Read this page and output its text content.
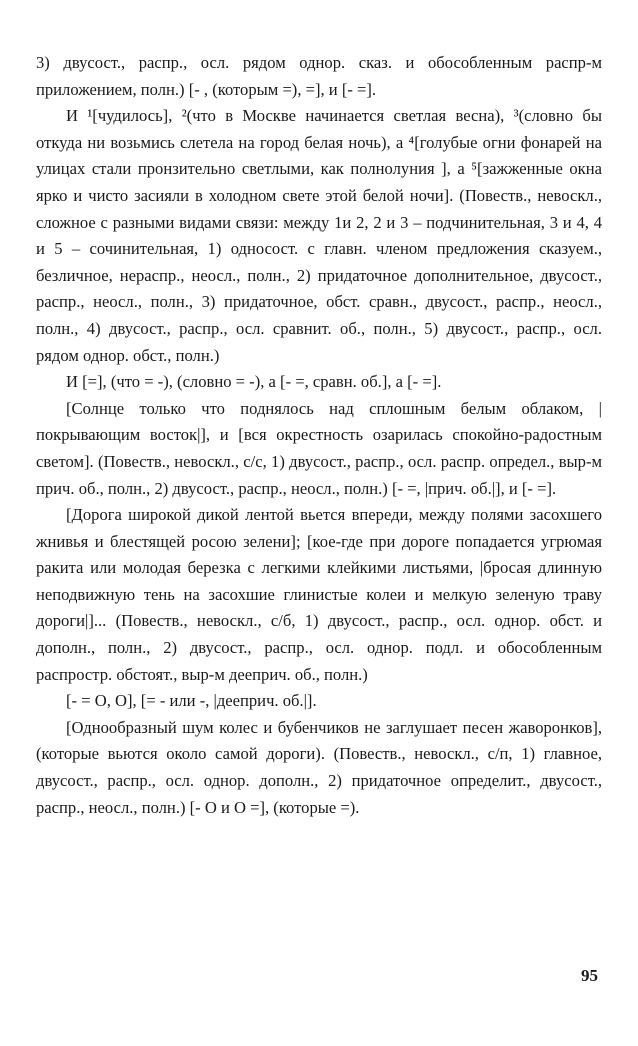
3) двусост., распр., осл. рядом однор. сказ. и обособленным распр-м приложением, полн.) [- , (которым =), =], и [- =].

И ¹[чудилось], ²(что в Москве начинается светлая весна), ³(словно бы откуда ни возьмись слетела на город белая ночь), а ⁴[голубые огни фонарей на улицах стали пронзительно светлыми, как полнолуния ], а ⁵[зажженные окна ярко и чисто засияли в холодном свете этой белой ночи]. (Повеств., невоскл., сложное с разными видами связи: между 1и 2, 2 и 3 – подчинительная, 3 и 4, 4 и 5 – сочинительная, 1) односост. с главн. членом предложения сказуем., безличное, нераспр., неосл., полн., 2) придаточное дополнительное, двусост., распр., неосл., полн., 3) придаточное, обст. сравн., двусост., распр., неосл., полн., 4) двусост., распр., осл. сравнит. об., полн., 5) двусост., распр., осл. рядом однор. обст., полн.)

И [=], (что = -), (словно = -), а [- =, сравн. об.], а [- =].

[Солнце только что поднялось над сплошным белым облаком, |покрывающим восток|], и [вся окрестность озарилась спокойно-радостным светом]. (Повеств., невоскл., с/с, 1) двусост., распр., осл. распр. определ., выр-м прич. об., полн., 2) двусост., распр., неосл., полн.) [- =, |прич. об.|], и [- =].

[Дорога широкой дикой лентой вьется впереди, между полями засохшего жнивья и блестящей росою зелени]; [кое-где при дороге попадается угрюмая ракита или молодая березка с легкими клейкими листьями, |бросая длинную неподвижную тень на засохшие глинистые колеи и мелкую зеленую траву дороги|]... (Повеств., невоскл., с/б, 1) двусост., распр., осл. однор. обст. и дополн., полн., 2) двусост., распр., осл. однор. подл. и обособленным распростр. обстоят., выр-м дееприч. об., полн.)

[- = О, О], [= - или -, |дееприч. об.|].

[Однообразный шум колес и бубенчиков не заглушает песен жаворонков], (которые вьются около самой дороги). (Повеств., невоскл., с/п, 1) главное, двусост., распр., осл. однор. дополн., 2) придаточное определит., двусост., распр., неосл., полн.) [- О и О =], (которые =).

95
